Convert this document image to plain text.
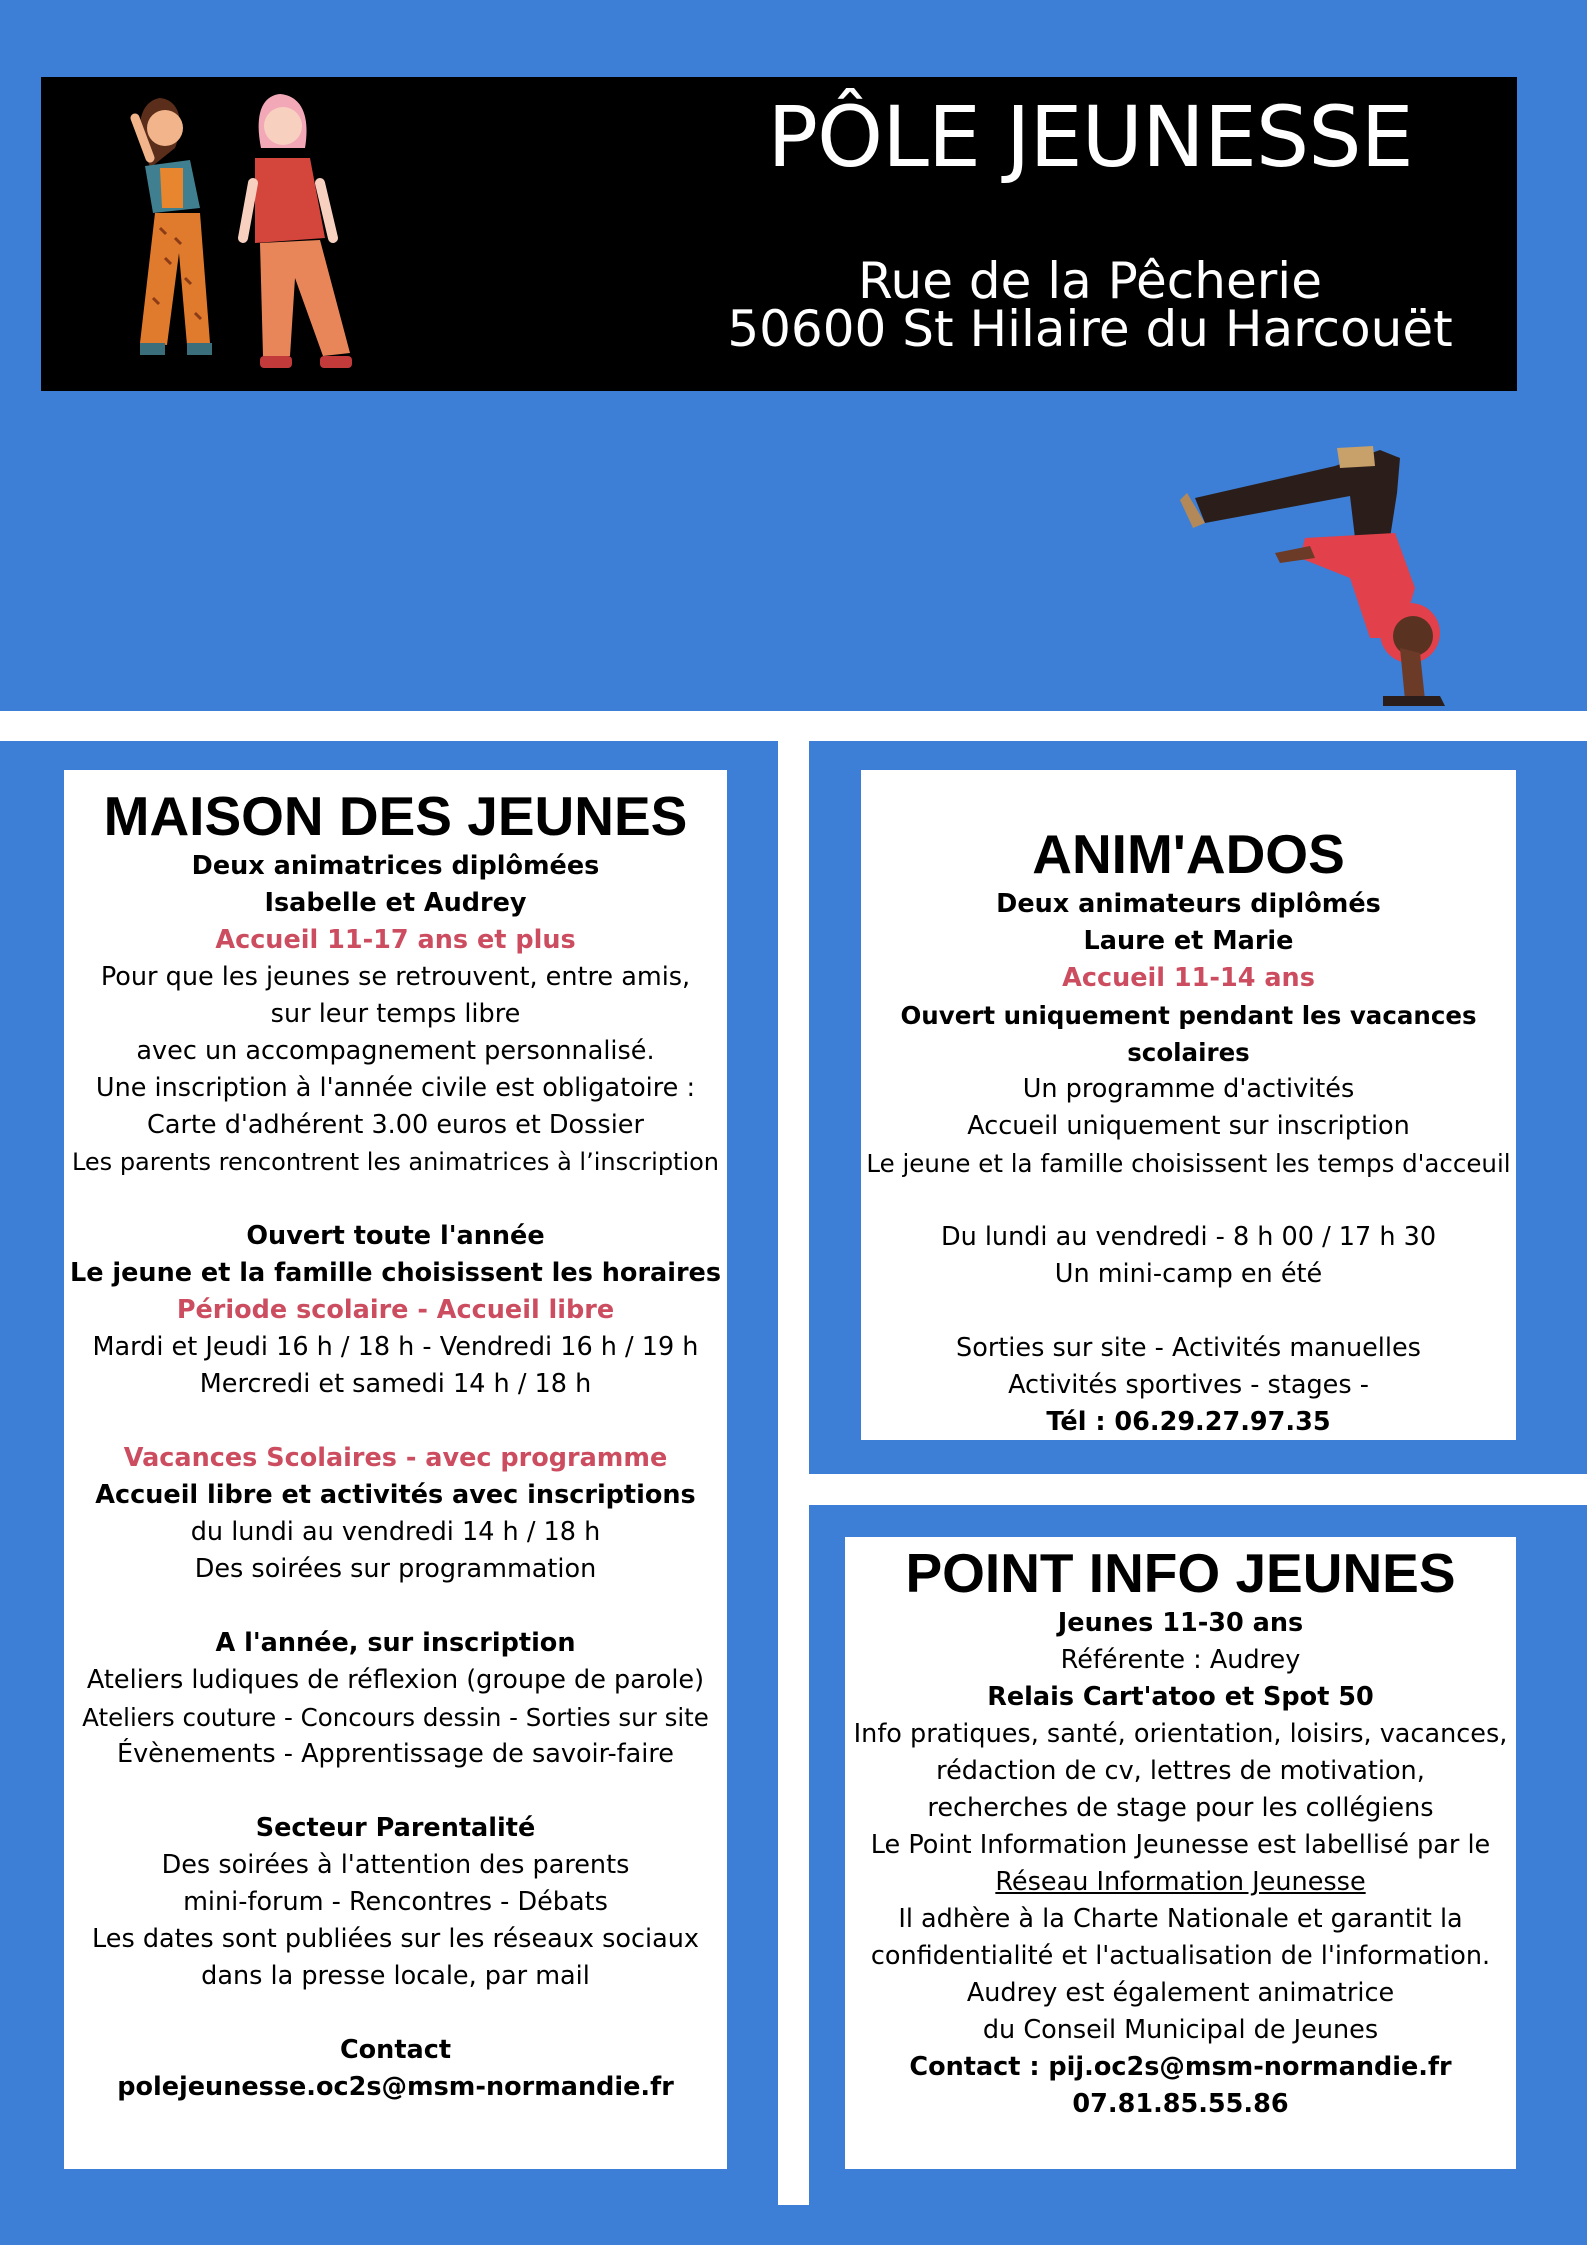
PÔLE JEUNESSE
Rue de la Pêcherie
50600 St Hilaire du Harcouët
MAISON DES JEUNES
Deux animatrices diplômées
Isabelle et Audrey
Accueil 11-17 ans et plus
Pour que les jeunes se retrouvent, entre amis,
sur leur temps libre
avec un accompagnement personnalisé.
Une inscription à l'année civile est obligatoire :
Carte d'adhérent 3.00 euros et Dossier
Les parents rencontrent les animatrices à l’inscription
Ouvert toute l'année
Le jeune et la famille choisissent les horaires
Période scolaire - Accueil libre
Mardi et Jeudi 16 h / 18 h - Vendredi 16 h / 19 h
Mercredi et samedi 14 h / 18 h
Vacances Scolaires - avec programme
Accueil libre et activités avec inscriptions
du lundi au vendredi 14 h / 18 h
Des soirées sur programmation
A l'année, sur inscription
Ateliers ludiques de réflexion (groupe de parole)
Ateliers couture - Concours dessin - Sorties sur site
Évènements - Apprentissage de savoir-faire
Secteur Parentalité
Des soirées à l'attention des parents
mini-forum - Rencontres - Débats
Les dates sont publiées sur les réseaux sociaux
dans la presse locale, par mail
Contact
polejeunesse.oc2s@msm-normandie.fr
ANIM'ADOS
Deux animateurs diplômés
Laure et Marie
Accueil 11-14 ans
Ouvert uniquement pendant les vacances scolaires
Un programme d'activités
Accueil uniquement sur inscription
Le jeune et la famille choisissent les temps d'acceuil
Du lundi au vendredi - 8 h 00 / 17 h 30
Un mini-camp en été
Sorties sur site - Activités manuelles
Activités sportives - stages -
Tél : 06.29.27.97.35
POINT INFO JEUNES
Jeunes 11-30 ans
Référente : Audrey
Relais Cart'atoo et Spot 50
Info pratiques, santé, orientation, loisirs, vacances,
rédaction de cv, lettres de motivation,
recherches de stage pour les collégiens
Le Point Information Jeunesse est labellisé par le
Réseau Information Jeunesse
Il adhère à la Charte Nationale et garantit la
confidentialité et l'actualisation de l'information.
Audrey est également animatrice
du Conseil Municipal de Jeunes
Contact : pij.oc2s@msm-normandie.fr
07.81.85.55.86
